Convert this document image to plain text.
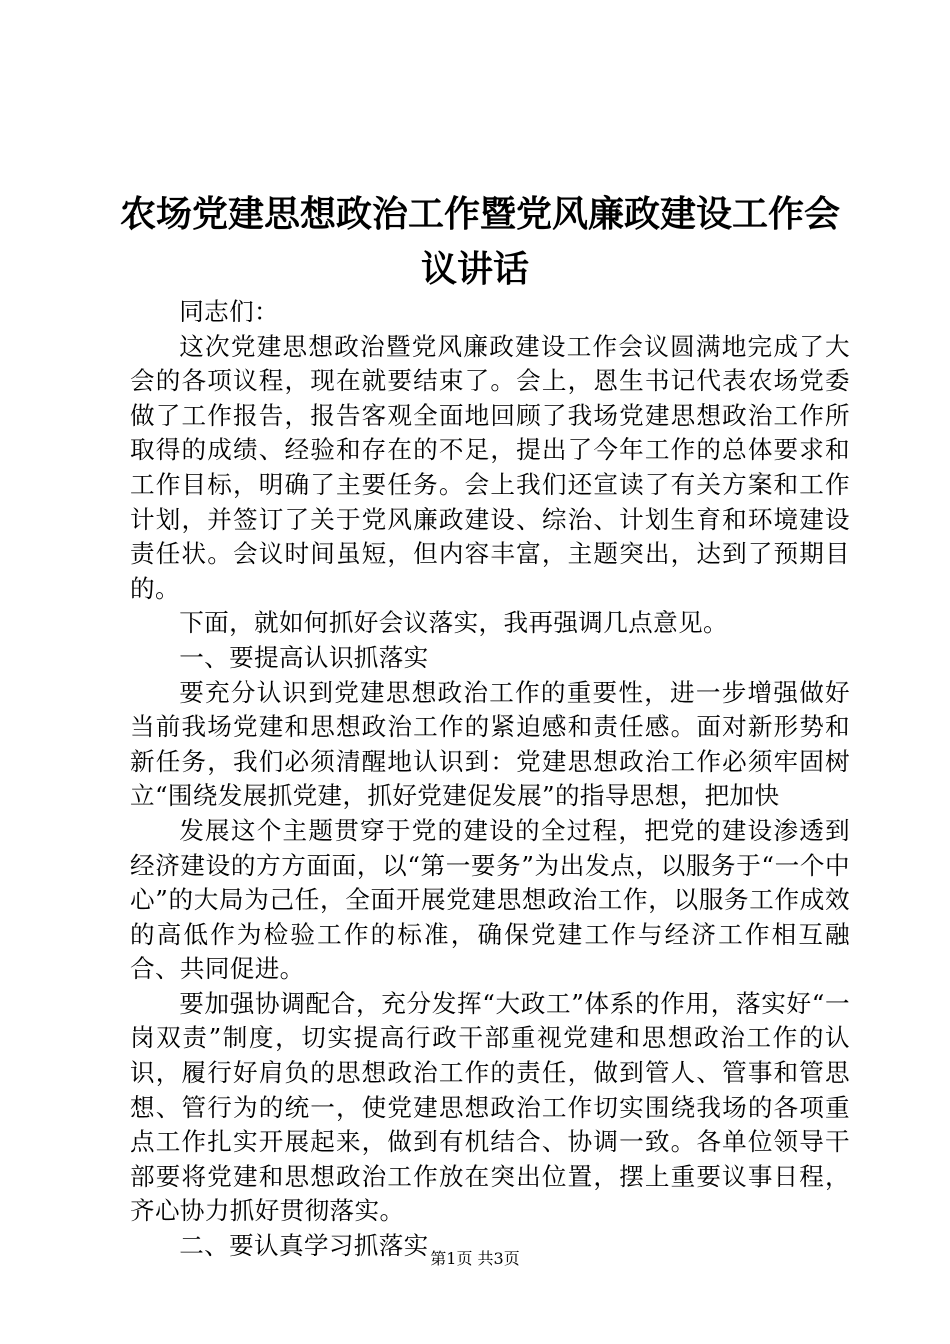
农场党建思想政治工作暨党风廉政建设工作会
议讲话

同志们：

这次党建思想政治暨党风廉政建设工作会议圆满地完成了大会的各项议程，现在就要结束了。会上，恩生书记代表农场党委做了工作报告，报告客观全面地回顾了我场党建思想政治工作所取得的成绩、经验和存在的不足，提出了今年工作的总体要求和工作目标，明确了主要任务。会上我们还宣读了有关方案和工作计划，并签订了关于党风廉政建设、综治、计划生育和环境建设责任状。会议时间虽短，但内容丰富，主题突出，达到了预期目的。

下面，就如何抓好会议落实，我再强调几点意见。

一、要提高认识抓落实

要充分认识到党建思想政治工作的重要性，进一步增强做好当前我场党建和思想政治工作的紧迫感和责任感。面对新形势和新任务，我们必须清醒地认识到：党建思想政治工作必须牢固树立“围绕发展抓党建，抓好党建促发展”的指导思想，把加快

发展这个主题贯穿于党的建设的全过程，把党的建设渗透到经济建设的方方面面，以“第一要务”为出发点，以服务于“一个中心”的大局为己任，全面开展党建思想政治工作，以服务工作成效的高低作为检验工作的标准，确保党建工作与经济工作相互融合、共同促进。

要加强协调配合，充分发挥“大政工”体系的作用，落实好“一岗双责”制度，切实提高行政干部重视党建和思想政治工作的认识，履行好肩负的思想政治工作的责任，做到管人、管事和管思想、管行为的统一，使党建思想政治工作切实围绕我场的各项重点工作扎实开展起来，做到有机结合、协调一致。各单位领导干部要将党建和思想政治工作放在突出位置，摆上重要议事日程，齐心协力抓好贯彻落实。

二、要认真学习抓落实 第1页 共3页
